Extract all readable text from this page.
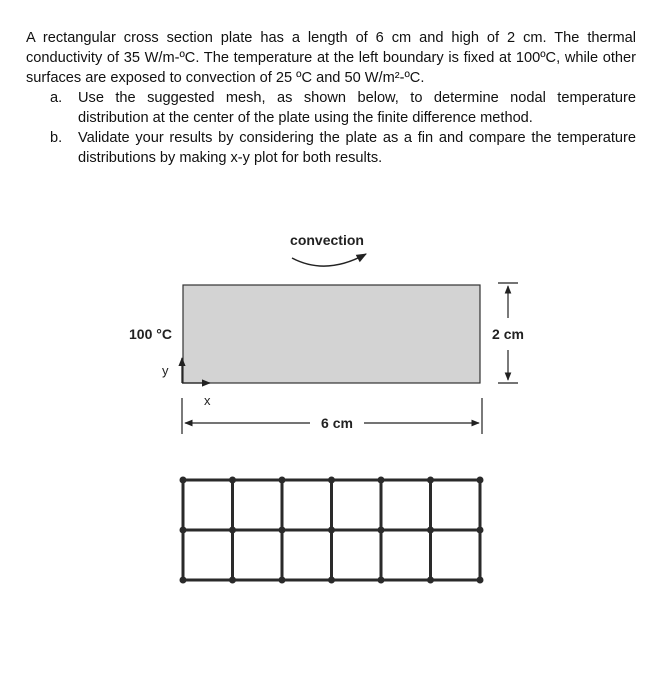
A rectangular cross section plate has a length of 6 cm and high of 2 cm. The thermal conductivity of 35 W/m-ºC. The temperature at the left boundary is fixed at 100ºC, while other surfaces are exposed to convection of 25 ºC and 50 W/m²-ºC.

a. Use the suggested mesh, as shown below, to determine nodal temperature distribution at the center of the plate using the finite difference method.
b. Validate your results by considering the plate as a fin and compare the temperature distributions by making x-y plot for both results.
convection
100 °C
y
x
2 cm
6 cm
